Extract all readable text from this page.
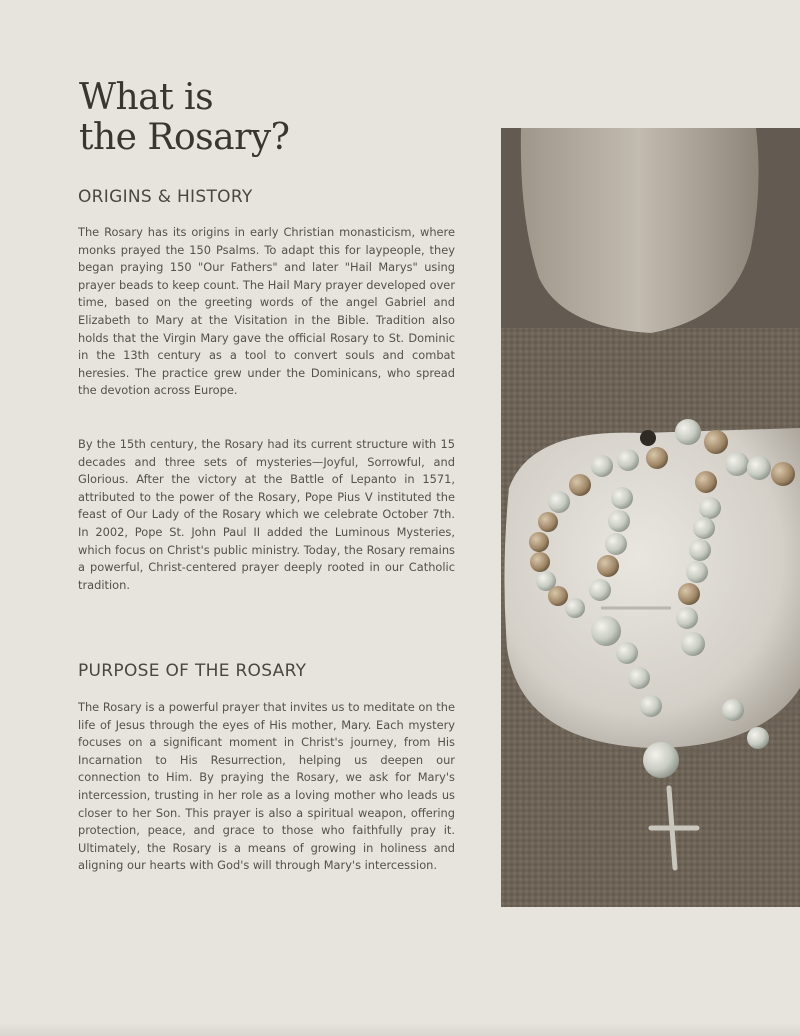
What is
the Rosary?
ORIGINS & HISTORY

The Rosary has its origins in early Christian monasticism, where monks prayed the 150 Psalms. To adapt this for laypeople, they began praying 150 "Our Fathers" and later "Hail Marys" using prayer beads to keep count. The Hail Mary prayer developed over time, based on the greeting words of the angel Gabriel and Elizabeth to Mary at the Visitation in the Bible. Tradition also holds that the Virgin Mary gave the official Rosary to St. Dominic in the 13th century as a tool to convert souls and combat heresies. The practice grew under the Dominicans, who spread the devotion across Europe.

By the 15th century, the Rosary had its current structure with 15 decades and three sets of mysteries—Joyful, Sorrowful, and Glorious. After the victory at the Battle of Lepanto in 1571, attributed to the power of the Rosary, Pope Pius V instituted the feast of Our Lady of the Rosary which we celebrate October 7th. In 2002, Pope St. John Paul II added the Luminous Mysteries, which focus on Christ's public ministry. Today, the Rosary remains a powerful, Christ-centered prayer deeply rooted in our Catholic tradition.

PURPOSE OF THE ROSARY

The Rosary is a powerful prayer that invites us to meditate on the life of Jesus through the eyes of His mother, Mary. Each mystery focuses on a significant moment in Christ's journey, from His Incarnation to His Resurrection, helping us deepen our connection to Him. By praying the Rosary, we ask for Mary's intercession, trusting in her role as a loving mother who leads us closer to her Son. This prayer is also a spiritual weapon, offering protection, peace, and grace to those who faithfully pray it. Ultimately, the Rosary is a means of growing in holiness and aligning our hearts with God's will through Mary's intercession.
